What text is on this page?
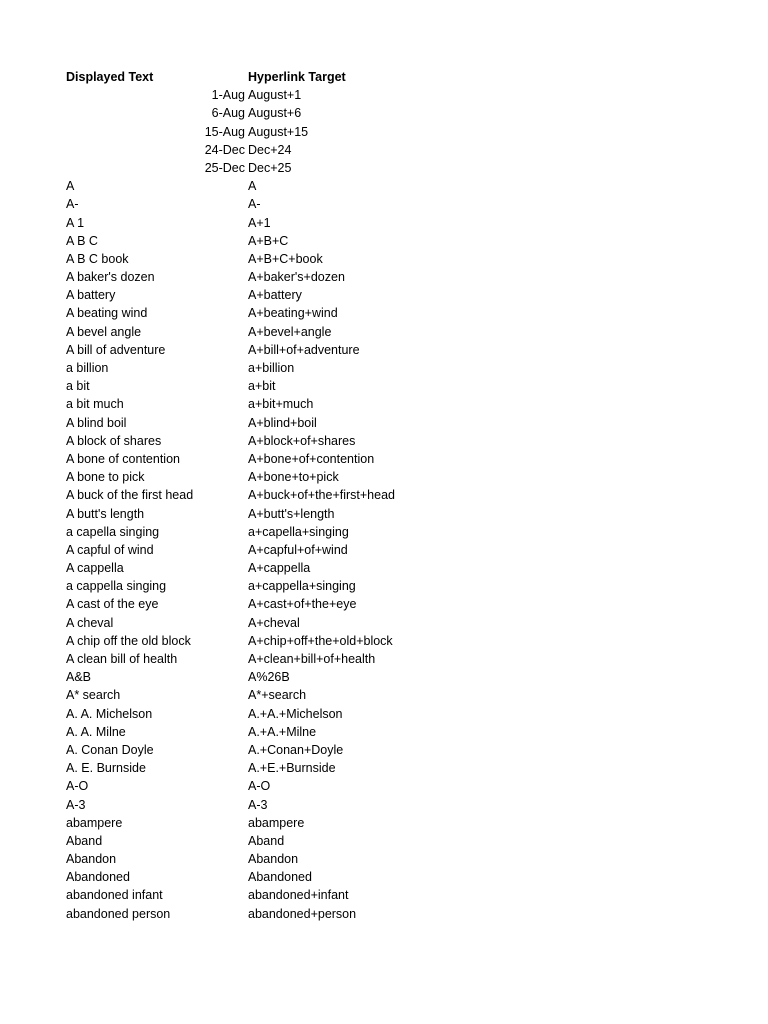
Displayed Text	Hyperlink Target
1-Aug August+1
6-Aug August+6
15-Aug August+15
24-Dec Dec+24
25-Dec Dec+25
A	A
A-	A-
A 1	A+1
A B C	A+B+C
A B C book	A+B+C+book
A baker's dozen	A+baker's+dozen
A battery	A+battery
A beating wind	A+beating+wind
A bevel angle	A+bevel+angle
A bill of adventure	A+bill+of+adventure
a billion	a+billion
a bit	a+bit
a bit much	a+bit+much
A blind boil	A+blind+boil
A block of shares	A+block+of+shares
A bone of contention	A+bone+of+contention
A bone to pick	A+bone+to+pick
A buck of the first head	A+buck+of+the+first+head
A butt's length	A+butt's+length
a capella singing	a+capella+singing
A capful of wind	A+capful+of+wind
A cappella	A+cappella
a cappella singing	a+cappella+singing
A cast of the eye	A+cast+of+the+eye
A cheval	A+cheval
A chip off the old block	A+chip+off+the+old+block
A clean bill of health	A+clean+bill+of+health
A&B	A%26B
A* search	A*+search
A. A. Michelson	A.+A.+Michelson
A. A. Milne	A.+A.+Milne
A. Conan Doyle	A.+Conan+Doyle
A. E. Burnside	A.+E.+Burnside
A-O	A-O
A-3	A-3
abampere	abampere
Aband	Aband
Abandon	Abandon
Abandoned	Abandoned
abandoned infant	abandoned+infant
abandoned person	abandoned+person
